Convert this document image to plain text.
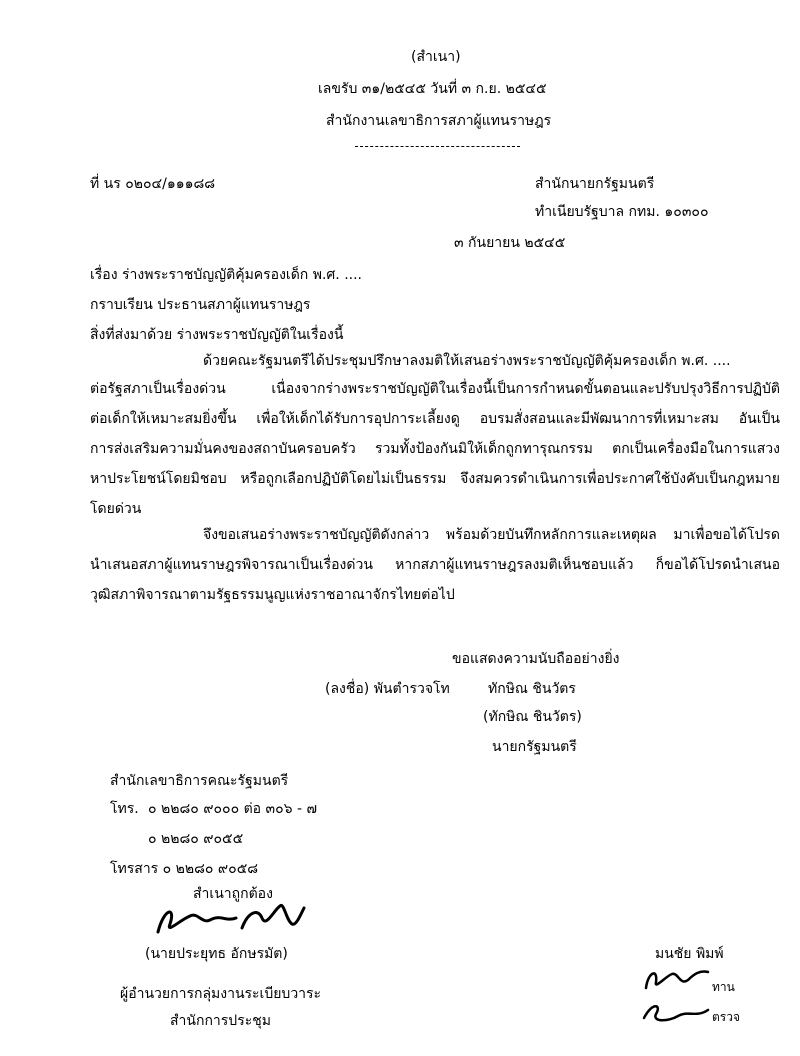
(สำเนา)
เลขรับ ๓๑/๒๕๔๕ วันที่ ๓ ก.ย. ๒๕๔๕
สำนักงานเลขาธิการสภาผู้แทนราษฎร
ที่ นร ๐๒๐๔/๑๑๑๘๘	สำนักนายกรัฐมนตรี
ทำเนียบรัฐบาล กทม. ๑๐๓๐๐
๓ กันยายน ๒๕๔๕
เรื่อง ร่างพระราชบัญญัติคุ้มครองเด็ก พ.ศ. ....
กราบเรียน ประธานสภาผู้แทนราษฎร
สิ่งที่ส่งมาด้วย ร่างพระราชบัญญัติในเรื่องนี้
ด้วยคณะรัฐมนตรีได้ประชุมปรึกษาลงมติให้เสนอร่างพระราชบัญญัติคุ้มครองเด็ก พ.ศ. ....
ต่อรัฐสภาเป็นเรื่องด่วน เนื่องจากร่างพระราชบัญญัติในเรื่องนี้เป็นการกำหนดขั้นตอนและปรับปรุงวิธีการปฏิบัติ
ต่อเด็กให้เหมาะสมยิ่งขึ้น เพื่อให้เด็กได้รับการอุปการะเลี้ยงดู อบรมสั่งสอนและมีพัฒนาการที่เหมาะสม อันเป็น
การส่งเสริมความมั่นคงของสถาบันครอบครัว รวมทั้งป้องกันมิให้เด็กถูกทารุณกรรม ตกเป็นเครื่องมือในการแสวง
หาประโยชน์โดยมิชอบ หรือถูกเลือกปฏิบัติโดยไม่เป็นธรรม จึงสมควรดำเนินการเพื่อประกาศใช้บังคับเป็นกฎหมาย
โดยด่วน
จึงขอเสนอร่างพระราชบัญญัติดังกล่าว พร้อมด้วยบันทึกหลักการและเหตุผล มาเพื่อขอได้โปรด
นำเสนอสภาผู้แทนราษฎรพิจารณาเป็นเรื่องด่วน หากสภาผู้แทนราษฎรลงมติเห็นชอบแล้ว ก็ขอได้โปรดนำเสนอ
วุฒิสภาพิจารณาตามรัฐธรรมนูญแห่งราชอาณาจักรไทยต่อไป
ขอแสดงความนับถืออย่างยิ่ง
(ลงชื่อ) พันตำรวจโท	ทักษิณ ชินวัตร
(ทักษิณ ชินวัตร)
นายกรัฐมนตรี
สำนักเลขาธิการคณะรัฐมนตรี
โทร. ๐ ๒๒๘๐ ๙๐๐๐ ต่อ ๓๐๖ - ๗
๐ ๒๒๘๐ ๙๐๕๕
โทรสาร ๐ ๒๒๘๐ ๙๐๕๘
สำเนาถูกต้อง
(นายประยุทธ อักษรมัต)
ผู้อำนวยการกลุ่มงานระเบียบวาระ
สำนักการประชุม
มนชัย พิมพ์
ทาน
ตรวจ
